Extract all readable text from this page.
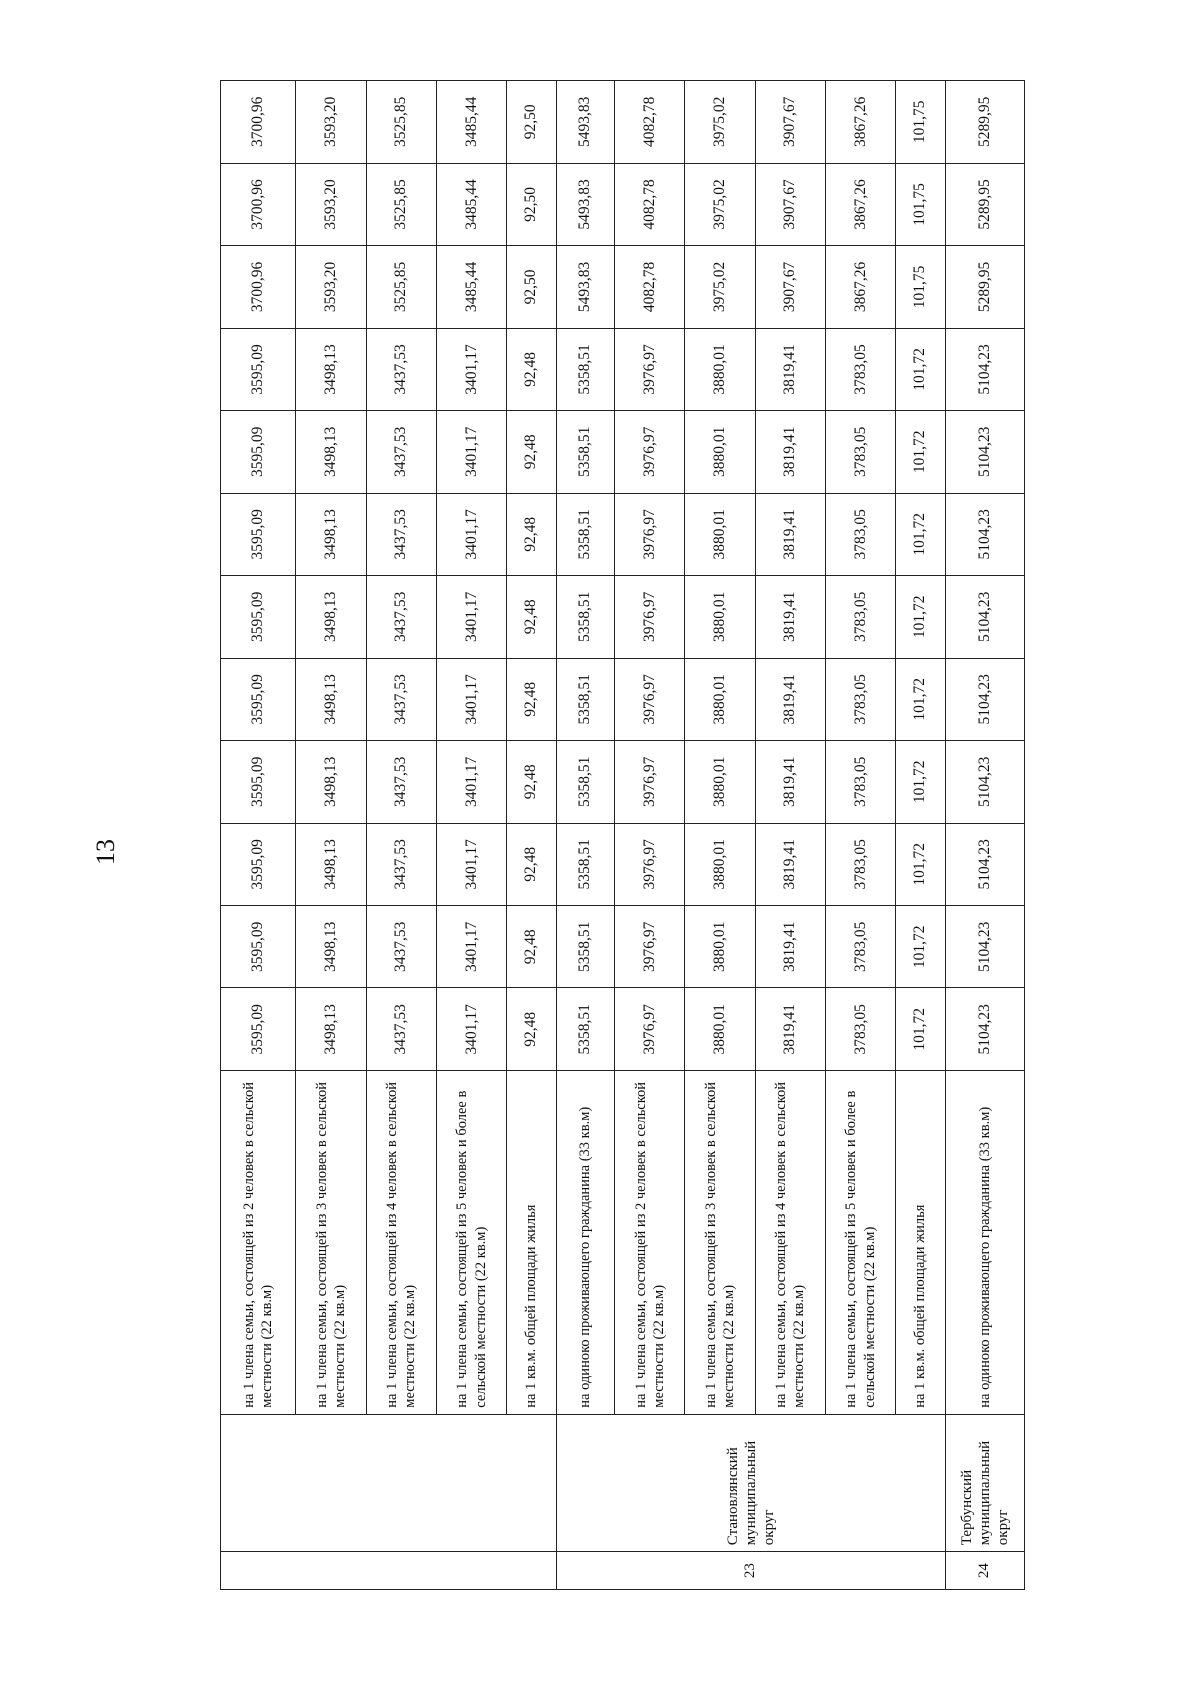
13
		на 1 члена семьи, состоящей из 2 человек в сельской местности (22 кв.м)	3595,09	3595,09	3595,09	3595,09	3595,09	3595,09	3595,09	3595,09	3595,09	3700,96	3700,96	3700,96
		на 1 члена семьи, состоящей из 3 человек в сельской местности (22 кв.м)	3498,13	3498,13	3498,13	3498,13	3498,13	3498,13	3498,13	3498,13	3498,13	3593,20	3593,20	3593,20
		на 1 члена семьи, состоящей из 4 человек в сельской местности (22 кв.м)	3437,53	3437,53	3437,53	3437,53	3437,53	3437,53	3437,53	3437,53	3437,53	3525,85	3525,85	3525,85
		на 1 члена семьи, состоящей из 5 человек и более в сельской местности (22 кв.м)	3401,17	3401,17	3401,17	3401,17	3401,17	3401,17	3401,17	3401,17	3401,17	3485,44	3485,44	3485,44
		на 1 кв.м. общей площади жилья	92,48	92,48	92,48	92,48	92,48	92,48	92,48	92,48	92,48	92,50	92,50	92,50
23	Становлянский муниципальный округ	на одиноко проживающего гражданина (33 кв.м)	5358,51	5358,51	5358,51	5358,51	5358,51	5358,51	5358,51	5358,51	5358,51	5493,83	5493,83	5493,83
		на 1 члена семьи, состоящей из 2 человек в сельской местности (22 кв.м)	3976,97	3976,97	3976,97	3976,97	3976,97	3976,97	3976,97	3976,97	3976,97	4082,78	4082,78	4082,78
		на 1 члена семьи, состоящей из 3 человек в сельской местности (22 кв.м)	3880,01	3880,01	3880,01	3880,01	3880,01	3880,01	3880,01	3880,01	3880,01	3975,02	3975,02	3975,02
		на 1 члена семьи, состоящей из 4 человек в сельской местности (22 кв.м)	3819,41	3819,41	3819,41	3819,41	3819,41	3819,41	3819,41	3819,41	3819,41	3907,67	3907,67	3907,67
		на 1 члена семьи, состоящей из 5 человек и более в сельской местности (22 кв.м)	3783,05	3783,05	3783,05	3783,05	3783,05	3783,05	3783,05	3783,05	3783,05	3867,26	3867,26	3867,26
		на 1 кв.м. общей площади жилья	101,72	101,72	101,72	101,72	101,72	101,72	101,72	101,72	101,72	101,75	101,75	101,75
24	Тербунский муниципальный округ	на одиноко проживающего гражданина (33 кв.м)	5104,23	5104,23	5104,23	5104,23	5104,23	5104,23	5104,23	5104,23	5104,23	5289,95	5289,95	5289,95
